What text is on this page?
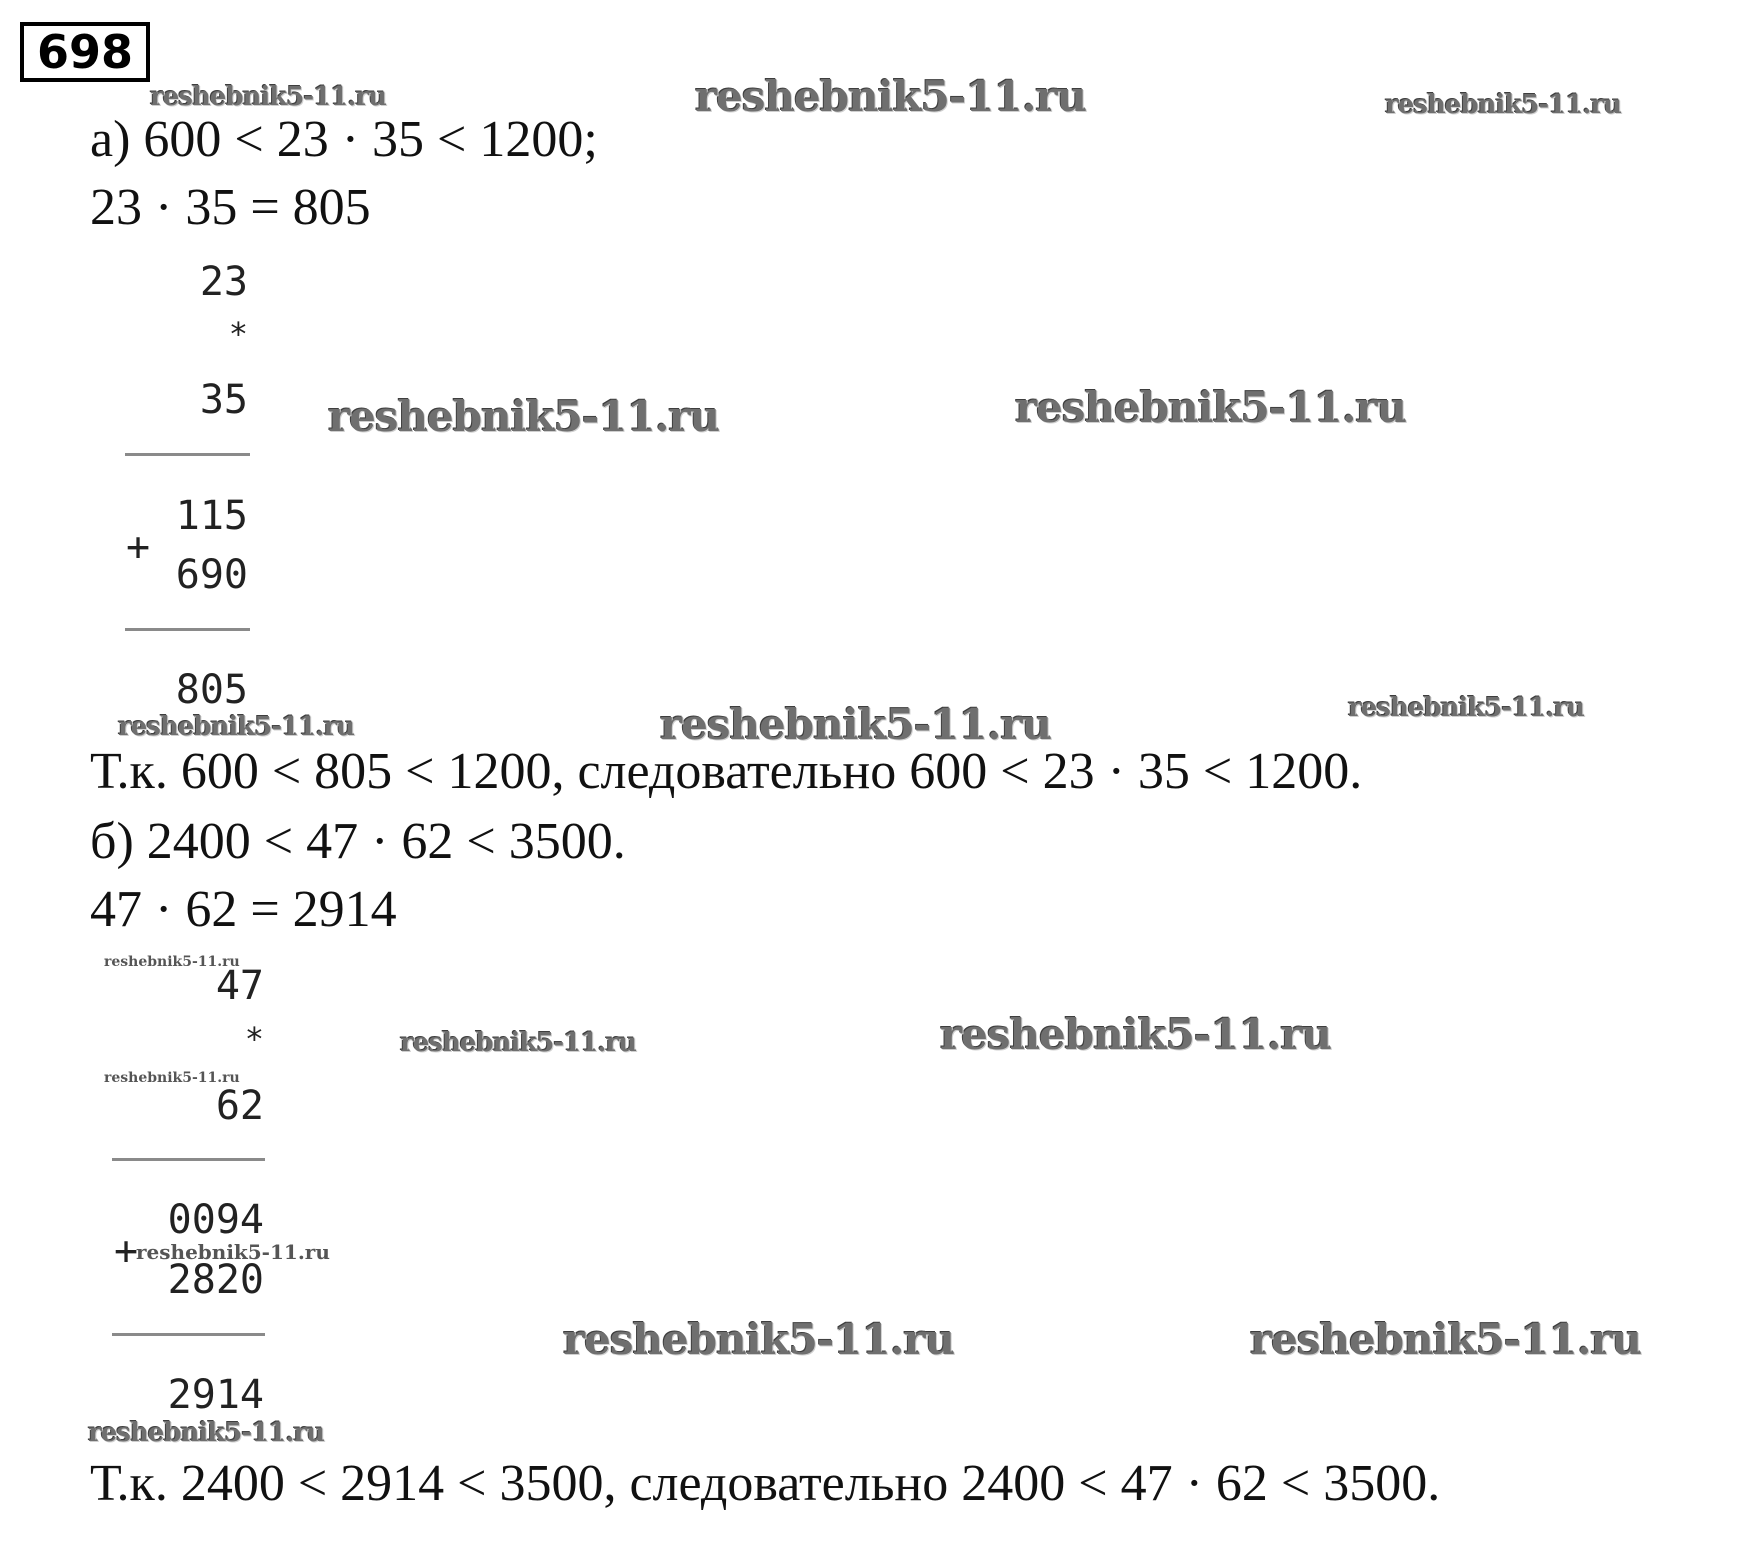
698
reshebnik5-11.ru	reshebnik5-11.ru	reshebnik5-11.ru
reshebnik5-11.ru	reshebnik5-11.ru
reshebnik5-11.ru	reshebnik5-11.ru	reshebnik5-11.ru
reshebnik5-11.ru
reshebnik5-11.ru	reshebnik5-11.ru
reshebnik5-11.ru
reshebnik5-11.ru
reshebnik5-11.ru	reshebnik5-11.ru
reshebnik5-11.ru
а) 600 < 23 · 35 < 1200;
23 · 35 = 805
23
*
35
115
+
690
805
Т.к. 600 < 805 < 1200, следовательно 600 < 23 · 35 < 1200.
б) 2400 < 47 · 62 < 3500.
47 · 62 = 2914
47
*
62
0094
+
2820
2914
Т.к. 2400 < 2914 < 3500, следовательно 2400 < 47 · 62 < 3500.
